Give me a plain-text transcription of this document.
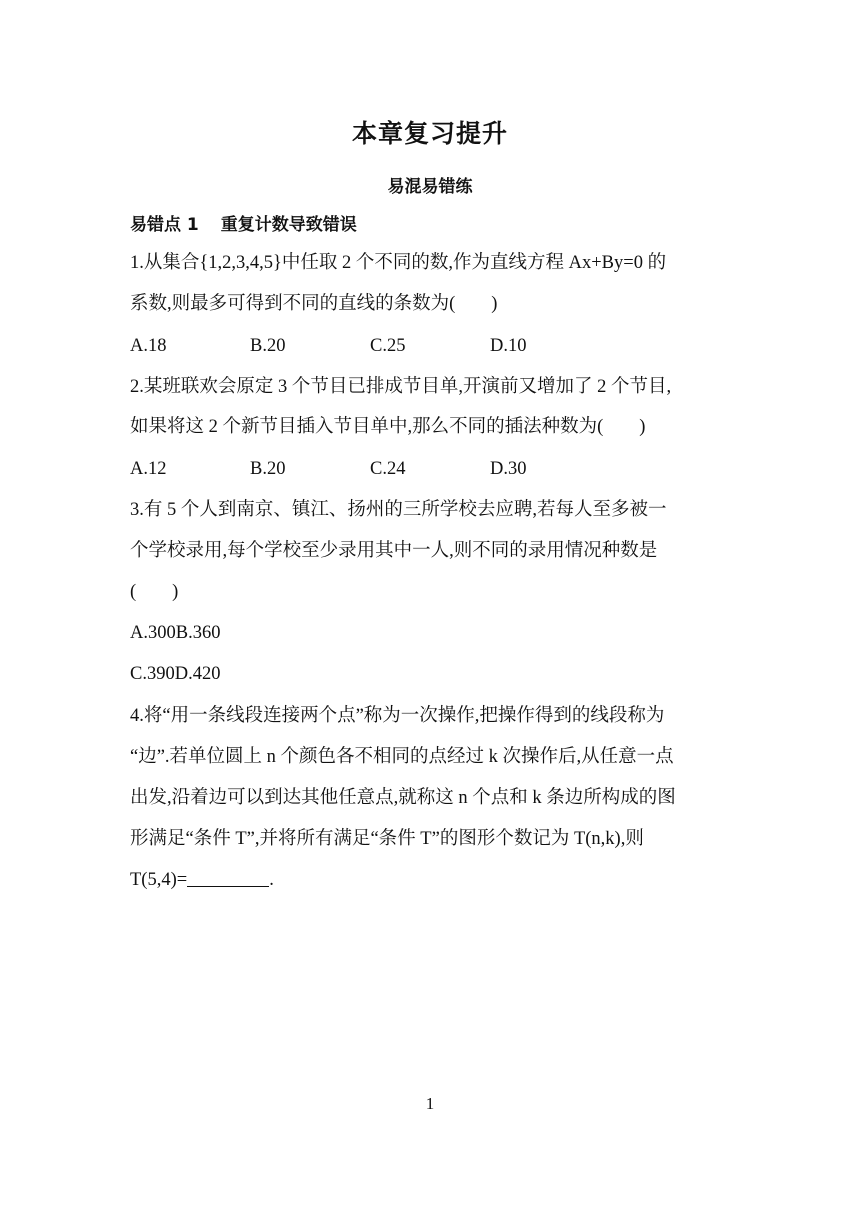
本章复习提升
易混易错练
易错点 1 重复计数导致错误
1.从集合{1,2,3,4,5}中任取 2 个不同的数,作为直线方程 Ax+By=0 的
系数,则最多可得到不同的直线的条数为( )
A.18	B.20	C.25	D.10
2.某班联欢会原定 3 个节目已排成节目单,开演前又增加了 2 个节目,
如果将这 2 个新节目插入节目单中,那么不同的插法种数为( )
A.12	B.20	C.24	D.30
3.有 5 个人到南京、镇江、扬州的三所学校去应聘,若每人至多被一
个学校录用,每个学校至少录用其中一人,则不同的录用情况种数是
( )
A.300B.360
C.390D.420
4.将“用一条线段连接两个点”称为一次操作,把操作得到的线段称为
“边”.若单位圆上 n 个颜色各不相同的点经过 k 次操作后,从任意一点
出发,沿着边可以到达其他任意点,就称这 n 个点和 k 条边所构成的图
形满足“条件 T”,并将所有满足“条件 T”的图形个数记为 T(n,k),则
T(5,4)=	.
1
